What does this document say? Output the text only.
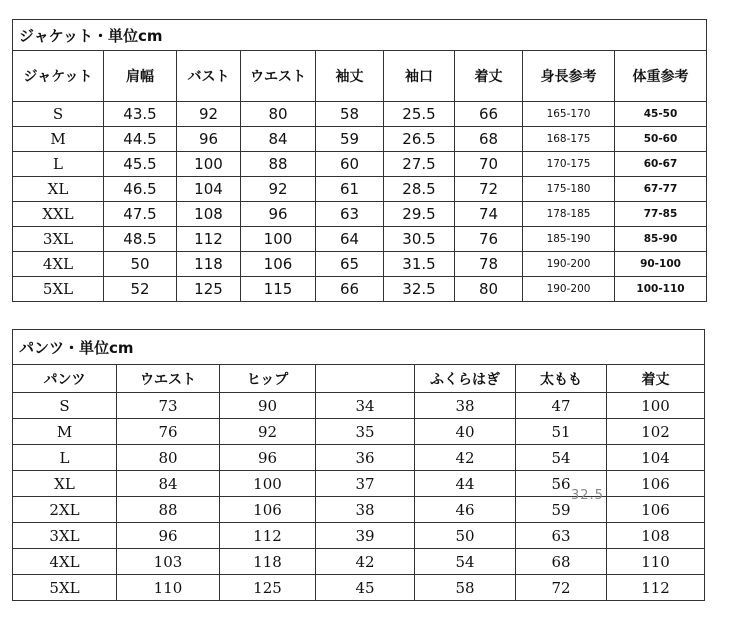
ジャケット・単位cm								
ジャケット	肩幅	バスト	ウエスト	袖丈	袖口	着丈	身長参考	体重参考
S	43.5	92	80	58	25.5	66	165-170	45-50
M	44.5	96	84	59	26.5	68	168-175	50-60
L	45.5	100	88	60	27.5	70	170-175	60-67
XL	46.5	104	92	61	28.5	72	175-180	67-77
XXL	47.5	108	96	63	29.5	74	178-185	77-85
3XL	48.5	112	100	64	30.5	76	185-190	85-90
4XL	50	118	106	65	31.5	78	190-200	90-100
5XL	52	125	115	66	32.5	80	190-200	100-110
パンツ・単位cm						
パンツ	ウエスト	ヒップ		ふくらはぎ	太もも	着丈
S	73	90	34	38	47	100
M	76	92	35	40	51	102
L	80	96	36	42	54	104
XL	84	100	37	44	56	106
2XL	88	106	38	46	59	106
3XL	96	112	39	50	63	108
4XL	103	118	42	54	68	110
5XL	110	125	45	58	72	112
32.5
